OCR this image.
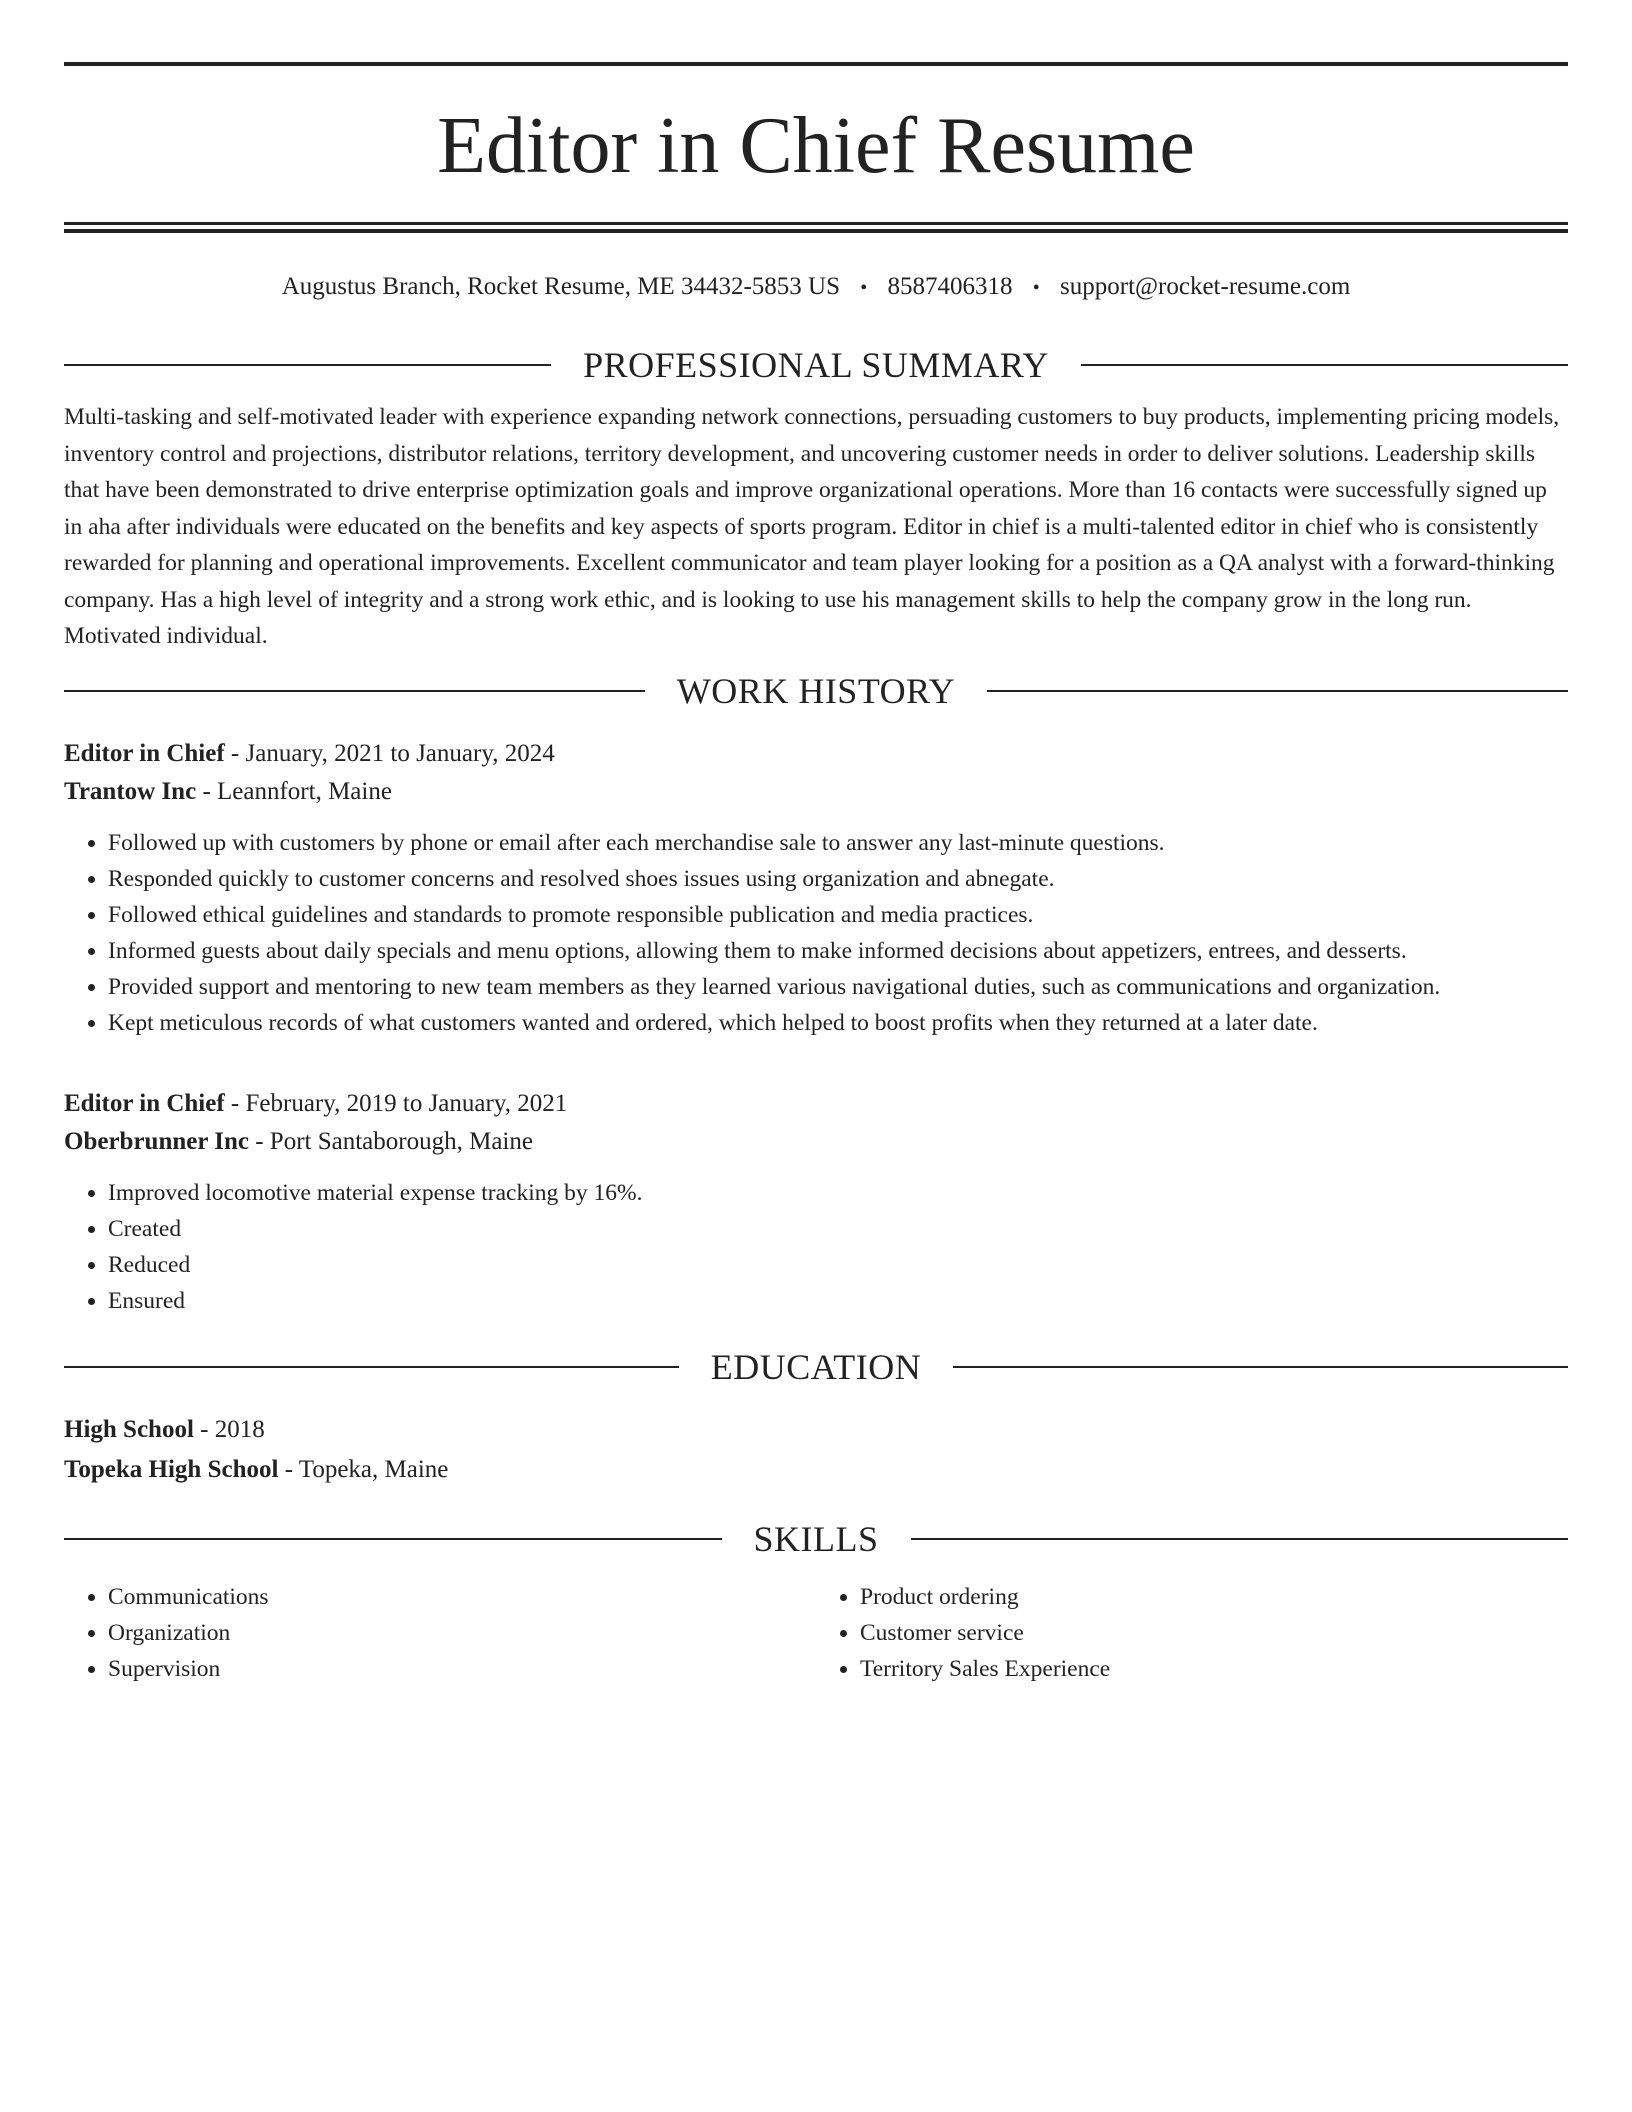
Editor in Chief Resume
Augustus Branch, Rocket Resume, ME 34432-5853 US • 8587406318 • support@rocket-resume.com
PROFESSIONAL SUMMARY

Multi-tasking and self-motivated leader with experience expanding network connections, persuading customers to buy products, implementing pricing models, inventory control and projections, distributor relations, territory development, and uncovering customer needs in order to deliver solutions. Leadership skills that have been demonstrated to drive enterprise optimization goals and improve organizational operations. More than 16 contacts were successfully signed up in aha after individuals were educated on the benefits and key aspects of sports program. Editor in chief is a multi-talented editor in chief who is consistently rewarded for planning and operational improvements. Excellent communicator and team player looking for a position as a QA analyst with a forward-thinking company. Has a high level of integrity and a strong work ethic, and is looking to use his management skills to help the company grow in the long run. Motivated individual.

WORK HISTORY
Editor in Chief - January, 2021 to January, 2024
Trantow Inc - Leannfort, Maine
• Followed up with customers by phone or email after each merchandise sale to answer any last-minute questions.
• Responded quickly to customer concerns and resolved shoes issues using organization and abnegate.
• Followed ethical guidelines and standards to promote responsible publication and media practices.
• Informed guests about daily specials and menu options, allowing them to make informed decisions about appetizers, entrees, and desserts.
• Provided support and mentoring to new team members as they learned various navigational duties, such as communications and organization.
• Kept meticulous records of what customers wanted and ordered, which helped to boost profits when they returned at a later date.
Editor in Chief - February, 2019 to January, 2021
Oberbrunner Inc - Port Santaborough, Maine
• Improved locomotive material expense tracking by 16%.
• Created
• Reduced
• Ensured
EDUCATION
High School - 2018
Topeka High School - Topeka, Maine
SKILLS
• Communications
• Organization
• Supervision
• Product ordering
• Customer service
• Territory Sales Experience
